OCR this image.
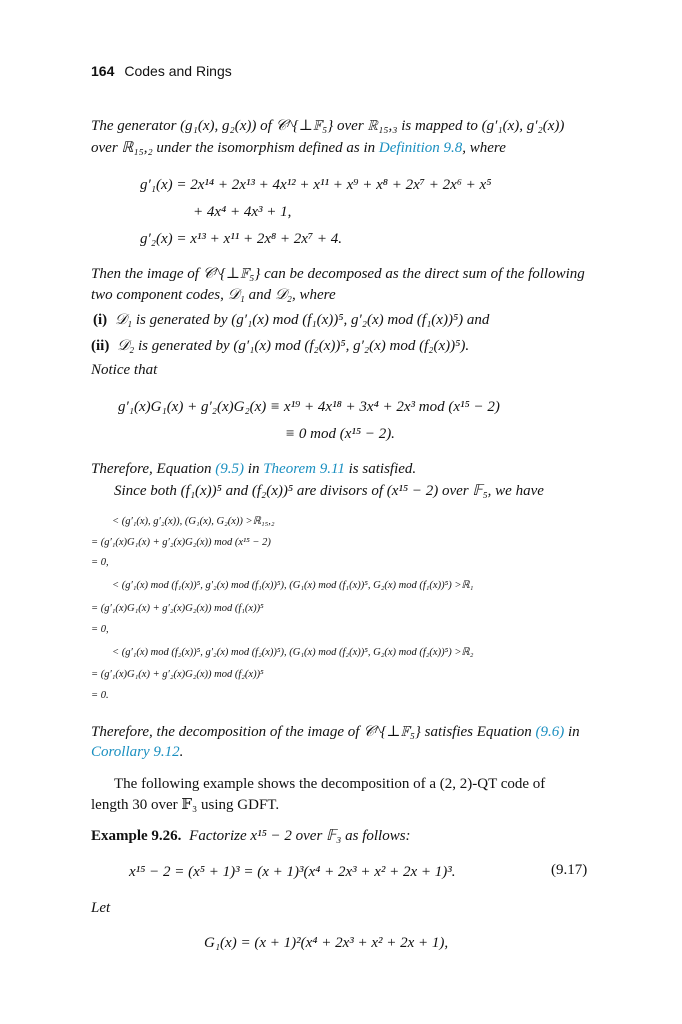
164 Codes and Rings
The generator (g₁(x), g₂(x)) of 𝒞^{⊥𝔽₅} over ℝ₁₅,₃ is mapped to (g′₁(x), g′₂(x))
over ℝ₁₅,₂ under the isomorphism defined as in Definition 9.8, where
g′₁(x) = 2x¹⁴ + 2x¹³ + 4x¹² + x¹¹ + x⁹ + x⁸ + 2x⁷ + 2x⁶ + x⁵
+ 4x⁴ + 4x³ + 1,
g′₂(x) = x¹³ + x¹¹ + 2x⁸ + 2x⁷ + 4.
Then the image of 𝒞^{⊥𝔽₅} can be decomposed as the direct sum of the following
two component codes, 𝒟₁ and 𝒟₂, where
(i) 𝒟₁ is generated by (g′₁(x) mod (f₁(x))⁵, g′₂(x) mod (f₁(x))⁵) and
(ii) 𝒟₂ is generated by (g′₁(x) mod (f₂(x))⁵, g′₂(x) mod (f₂(x))⁵).
Notice that
g′₁(x)G₁(x) + g′₂(x)G₂(x) ≡ x¹⁹ + 4x¹⁸ + 3x⁴ + 2x³ mod (x¹⁵ − 2)
≡ 0 mod (x¹⁵ − 2).
Therefore, Equation (9.5) in Theorem 9.11 is satisfied.
Since both (f₁(x))⁵ and (f₂(x))⁵ are divisors of (x¹⁵ − 2) over 𝔽₅, we have
< (g′₁(x), g′₂(x)), (G₁(x), G₂(x)) >ℝ₁₅,₂
= (g′₁(x)G₁(x) + g′₂(x)G₂(x)) mod (x¹⁵ − 2)
= 0,
< (g′₁(x) mod (f₁(x))⁵, g′₂(x) mod (f₁(x))⁵), (G₁(x) mod (f₁(x))⁵, G₂(x) mod (f₁(x))⁵) >ℝ₁
= (g′₁(x)G₁(x) + g′₂(x)G₂(x)) mod (f₁(x))⁵
= 0,
< (g′₁(x) mod (f₂(x))⁵, g′₂(x) mod (f₂(x))⁵), (G₁(x) mod (f₂(x))⁵, G₂(x) mod (f₂(x))⁵) >ℝ₂
= (g′₁(x)G₁(x) + g′₂(x)G₂(x)) mod (f₂(x))⁵
= 0.
Therefore, the decomposition of the image of 𝒞^{⊥𝔽₅} satisfies Equation (9.6) in
Corollary 9.12.
The following example shows the decomposition of a (2, 2)-QT code of
length 30 over 𝔽₃ using GDFT.
Example 9.26. Factorize x¹⁵ − 2 over 𝔽₃ as follows:
x¹⁵ − 2 = (x⁵ + 1)³ = (x + 1)³(x⁴ + 2x³ + x² + 2x + 1)³.	(9.17)
Let
G₁(x) = (x + 1)²(x⁴ + 2x³ + x² + 2x + 1),
